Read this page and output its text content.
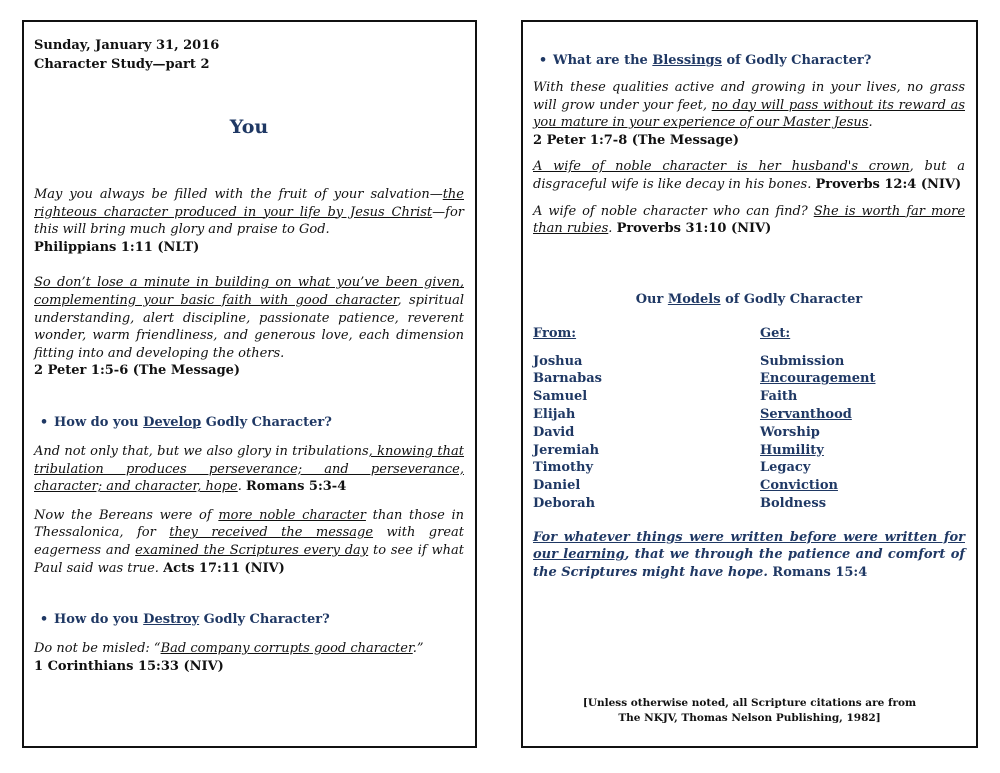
Sunday, January 31, 2016
Character Study—part 2
You

May you always be filled with the fruit of your salvation—the righteous character produced in your life by Jesus Christ—for this will bring much glory and praise to God.
Philippians 1:11 (NLT)

So don’t lose a minute in building on what you’ve been given, complementing your basic faith with good character, spiritual understanding, alert discipline, passionate patience, reverent wonder, warm friendliness, and generous love, each dimension fitting into and developing the others.
2 Peter 1:5-6 (The Message)

• How do you Develop Godly Character?

And not only that, but we also glory in tribulations, knowing that tribulation produces perseverance; and perseverance, character; and character, hope. Romans 5:3-4

Now the Bereans were of more noble character than those in Thessalonica, for they received the message with great eagerness and examined the Scriptures every day to see if what Paul said was true. Acts 17:11 (NIV)

• How do you Destroy Godly Character?

Do not be misled: “Bad company corrupts good character.”
1 Corinthians 15:33 (NIV)

• What are the Blessings of Godly Character?

With these qualities active and growing in your lives, no grass will grow under your feet, no day will pass without its reward as you mature in your experience of our Master Jesus.
2 Peter 1:7-8 (The Message)

A wife of noble character is her husband's crown, but a disgraceful wife is like decay in his bones. Proverbs 12:4 (NIV)

A wife of noble character who can find? She is worth far more than rubies. Proverbs 31:10 (NIV)

Our Models of Godly Character
From:
Joshua
Barnabas
Samuel
Elijah
David
Jeremiah
Timothy
Daniel
Deborah
Get:
Submission
Encouragement
Faith
Servanthood
Worship
Humility
Legacy
Conviction
Boldness

For whatever things were written before were written for our learning, that we through the patience and comfort of the Scriptures might have hope. Romans 15:4

[Unless otherwise noted, all Scripture citations are from
The NKJV, Thomas Nelson Publishing, 1982]
